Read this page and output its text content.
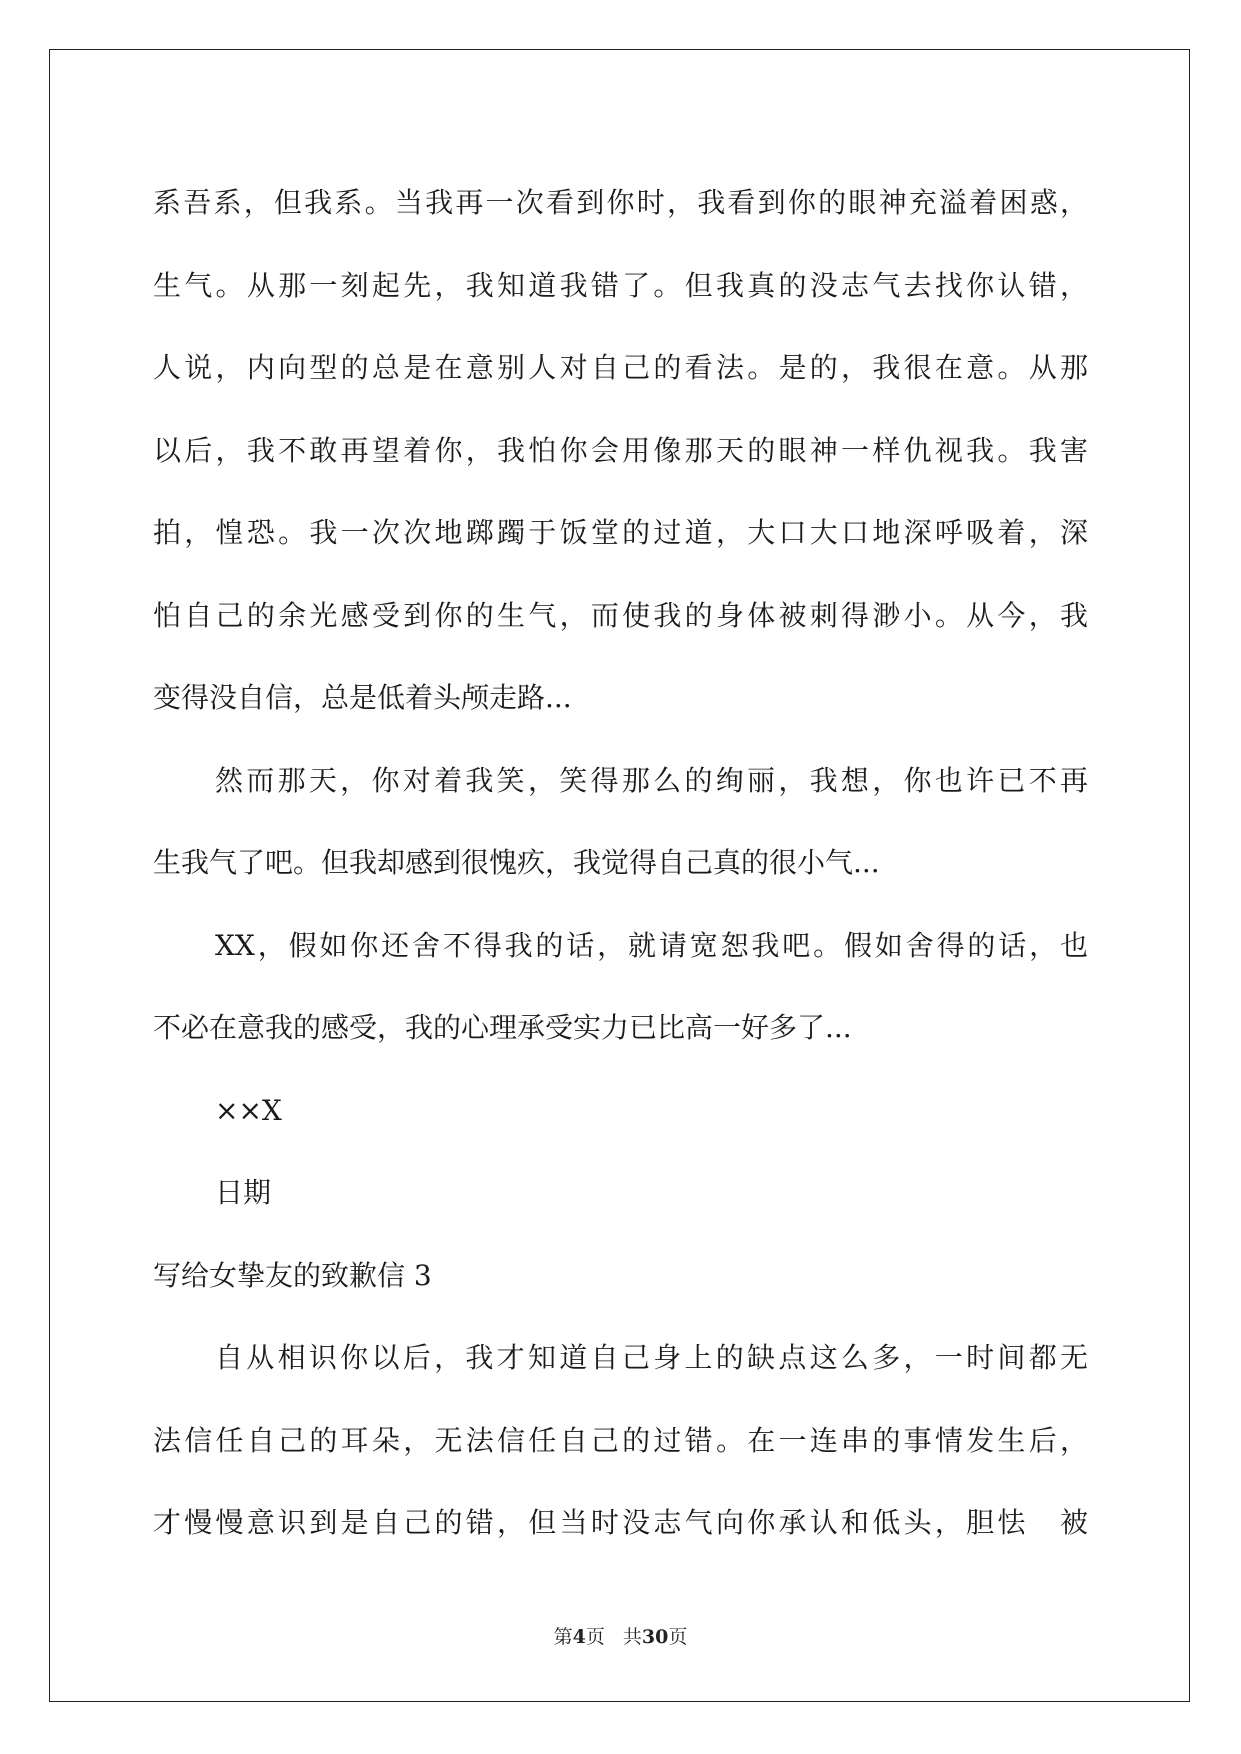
系吾系，但我系。当我再一次看到你时，我看到你的眼神充溢着困惑，
生气。从那一刻起先，我知道我错了。但我真的没志气去找你认错，
人说，内向型的总是在意别人对自己的看法。是的，我很在意。从那
以后，我不敢再望着你，我怕你会用像那天的眼神一样仇视我。我害
拍，惶恐。我一次次地踯躅于饭堂的过道，大口大口地深呼吸着，深
怕自己的余光感受到你的生气，而使我的身体被刺得渺小。从今，我
变得没自信，总是低着头颅走路...
然而那天，你对着我笑，笑得那么的绚丽，我想，你也许已不再
生我气了吧。但我却感到很愧疚，我觉得自己真的很小气...
XX，假如你还舍不得我的话，就请宽恕我吧。假如舍得的话，也
不必在意我的感受，我的心理承受实力已比高一好多了...
××X
日期
写给女挚友的致歉信 3
自从相识你以后，我才知道自己身上的缺点这么多，一时间都无
法信任自己的耳朵，无法信任自己的过错。在一连串的事情发生后，
才慢慢意识到是自己的错，但当时没志气向你承认和低头，胆怯　被
第4页 共30页
